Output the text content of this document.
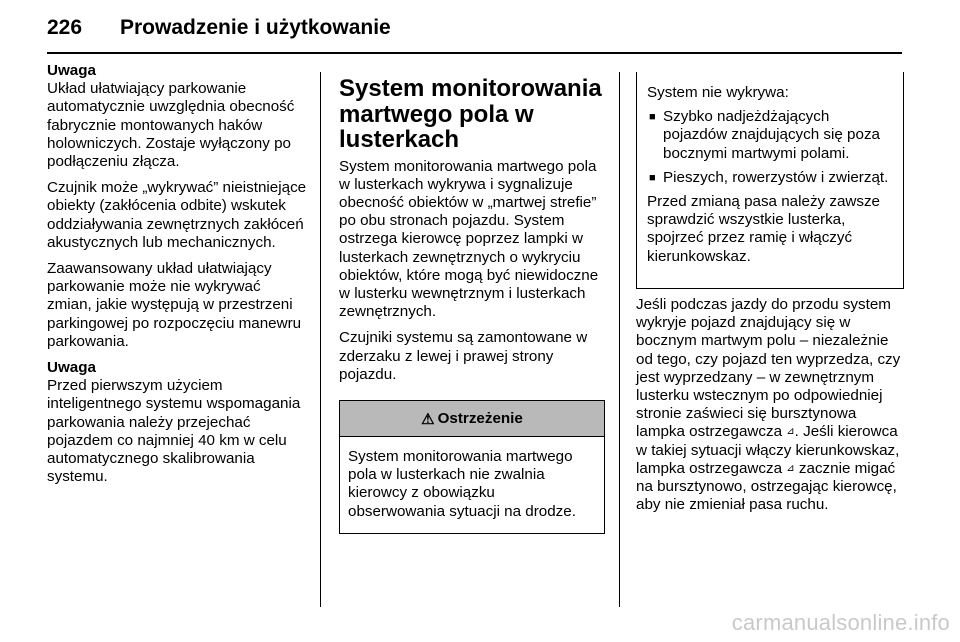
226 Prowadzenie i użytkowanie
Uwaga

Układ ułatwiający parkowanie automatycznie uwzględnia obecność fabrycznie montowanych haków holowniczych. Zostaje wyłączony po podłączeniu złącza.

Czujnik może „wykrywać” nieistniejące obiekty (zakłócenia odbite) wskutek oddziaływania zewnętrznych zakłóceń akustycznych lub mechanicznych.

Zaawansowany układ ułatwiający parkowanie może nie wykrywać zmian, jakie występują w przestrzeni parkingowej po rozpoczęciu manewru parkowania.

Uwaga

Przed pierwszym użyciem inteligentnego systemu wspomagania parkowania należy przejechać pojazdem co najmniej 40 km w celu automatycznego skalibrowania systemu.

System monitorowania martwego pola w lusterkach

System monitorowania martwego pola w lusterkach wykrywa i sygnalizuje obecność obiektów w „martwej strefie” po obu stronach pojazdu. System ostrzega kierowcę poprzez lampki w lusterkach zewnętrznych o wykryciu obiektów, które mogą być niewidoczne w lusterku wewnętrznym i lusterkach zewnętrznych.

Czujniki systemu są zamontowane w zderzaku z lewej i prawej strony pojazdu.

⚠ Ostrzeżenie
System monitorowania martwego pola w lusterkach nie zwalnia kierowcy z obowiązku obserwowania sytuacji na drodze.

System nie wykrywa:

■ Szybko nadjeżdżających pojazdów znajdujących się poza bocznymi martwymi polami.
■ Pieszych, rowerzystów i zwierząt.

Przed zmianą pasa należy zawsze sprawdzić wszystkie lusterka, spojrzeć przez ramię i włączyć kierunkowskaz.

Jeśli podczas jazdy do przodu system wykryje pojazd znajdujący się w bocznym martwym polu – niezależnie od tego, czy pojazd ten wyprzedza, czy jest wyprzedzany – w zewnętrznym lusterku wstecznym po odpowiedniej stronie zaświeci się bursztynowa lampka ostrzegawcza ⊿. Jeśli kierowca w takiej sytuacji włączy kierunkowskaz, lampka ostrzegawcza ⊿ zacznie migać na bursztynowo, ostrzegając kierowcę, aby nie zmieniał pasa ruchu.
carmanualsonline.info
